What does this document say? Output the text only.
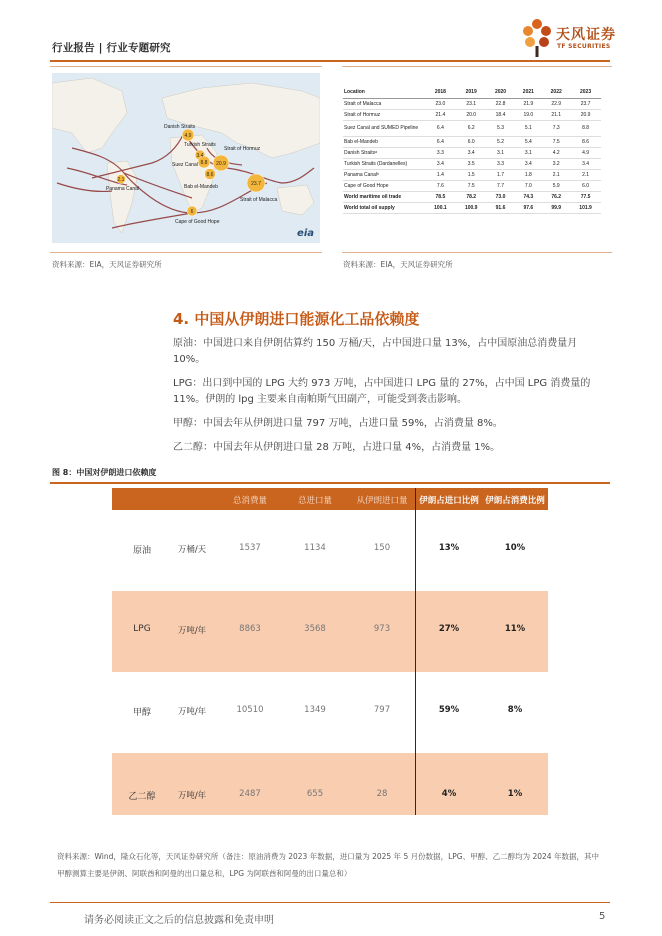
行业报告 | 行业专题研究
天风证券
TF SECURITIES
4.9
3.4
8.8 20.9
8.6
2.1
23.7
6
Danish Straits
Turkish Straits
Suez Canal
Strait of Hormuz
Panama Canal	Bab el-Mandeb
Strait of Malacca
Cape of Good Hope
eia
Location	2018	2019	2020	2021	2022	2023
Strait of Malacca	23.0	23.1	22.8	21.9	22.9	23.7
Strait of Hormuz	21.4	20.0	18.4	19.0	21.1	20.9
Suez Canal and SUMED Pipeline	6.4	6.2	5.3	5.1	7.3	8.8
Bab el-Mandeb	6.4	6.0	5.2	5.4	7.5	8.6
Danish Straitsᵃ	3.3	3.4	3.1	3.1	4.2	4.9
Turkish Straits (Dardanelles)	3.4	3.5	3.3	3.4	3.2	3.4
Panama Canalᵇ	1.4	1.5	1.7	1.8	2.1	2.1
Cape of Good Hope	7.6	7.5	7.7	7.0	5.9	6.0
World maritime oil trade	78.5	78.2	73.0	74.3	76.2	77.5
World total oil supply	100.1	100.9	91.6	97.6	99.9	101.9
资料来源：EIA，天风证券研究所	资料来源：EIA，天风证券研究所
4. 中国从伊朗进口能源化工品依赖度
原油：中国进口来自伊朗估算约 150 万桶/天，占中国进口量 13%，占中国原油总消费量月 10%。
LPG：出口到中国的 LPG 大约 973 万吨，占中国进口 LPG 量的 27%，占中国 LPG 消费量的 11%。伊朗的 lpg 主要来自南帕斯气田副产，可能受到袭击影响。
甲醇：中国去年从伊朗进口量 797 万吨，占进口量 59%，占消费量 8%。
乙二醇：中国去年从伊朗进口量 28 万吨，占进口量 4%，占消费量 1%。
图 8：中国对伊朗进口依赖度
总消费量	总进口量	从伊朗进口量	伊朗占进口比例 伊朗占消费比例
原油	万桶/天	1537	1134	150	13%	10%
LPG	万吨/年	8863	3568	973	27%	11%
甲醇	万吨/年	10510	1349	797	59%	8%
乙二醇	万吨/年	2487	655	28	4%	1%
资料来源：Wind，隆众石化等，天风证券研究所（备注：原油消费为 2023 年数据，进口量为 2025 年 5 月份数据，LPG、甲醇、乙二醇均为 2024 年数据，其中
甲醇测算主要是伊朗、阿联酋和阿曼的出口量总和，LPG 为阿联酋和阿曼的出口量总和）
请务必阅读正文之后的信息披露和免责申明	5
